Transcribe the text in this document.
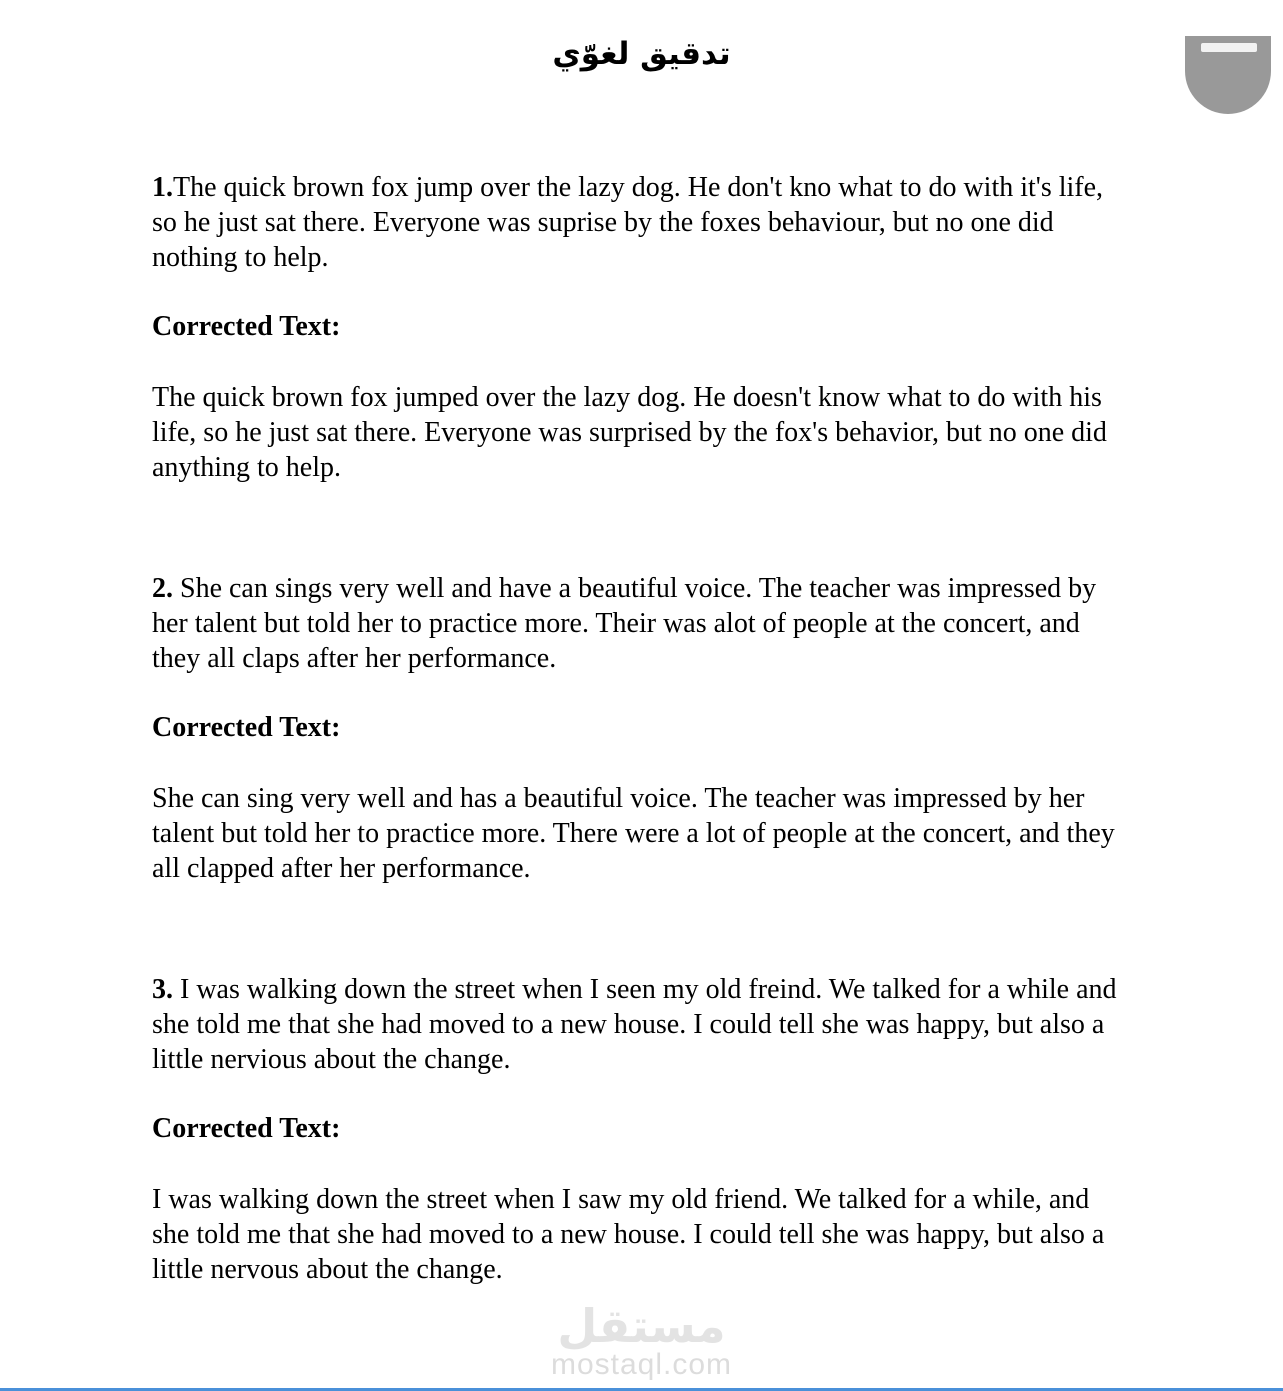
تدقيق لغوّي

1.The quick brown fox jump over the lazy dog. He don't kno what to do with it's life, so he just sat there. Everyone was suprise by the foxes behaviour, but no one did nothing to help.

Corrected Text:

The quick brown fox jumped over the lazy dog. He doesn't know what to do with his life, so he just sat there. Everyone was surprised by the fox's behavior, but no one did anything to help.

2. She can sings very well and have a beautiful voice. The teacher was impressed by her talent but told her to practice more. Their was alot of people at the concert, and they all claps after her performance.

Corrected Text:

She can sing very well and has a beautiful voice. The teacher was impressed by her talent but told her to practice more. There were a lot of people at the concert, and they all clapped after her performance.

3. I was walking down the street when I seen my old freind. We talked for a while and she told me that she had moved to a new house. I could tell she was happy, but also a little nervious about the change.

Corrected Text:

I was walking down the street when I saw my old friend. We talked for a while, and she told me that she had moved to a new house. I could tell she was happy, but also a little nervous about the change.

مستقل
mostaql.com
